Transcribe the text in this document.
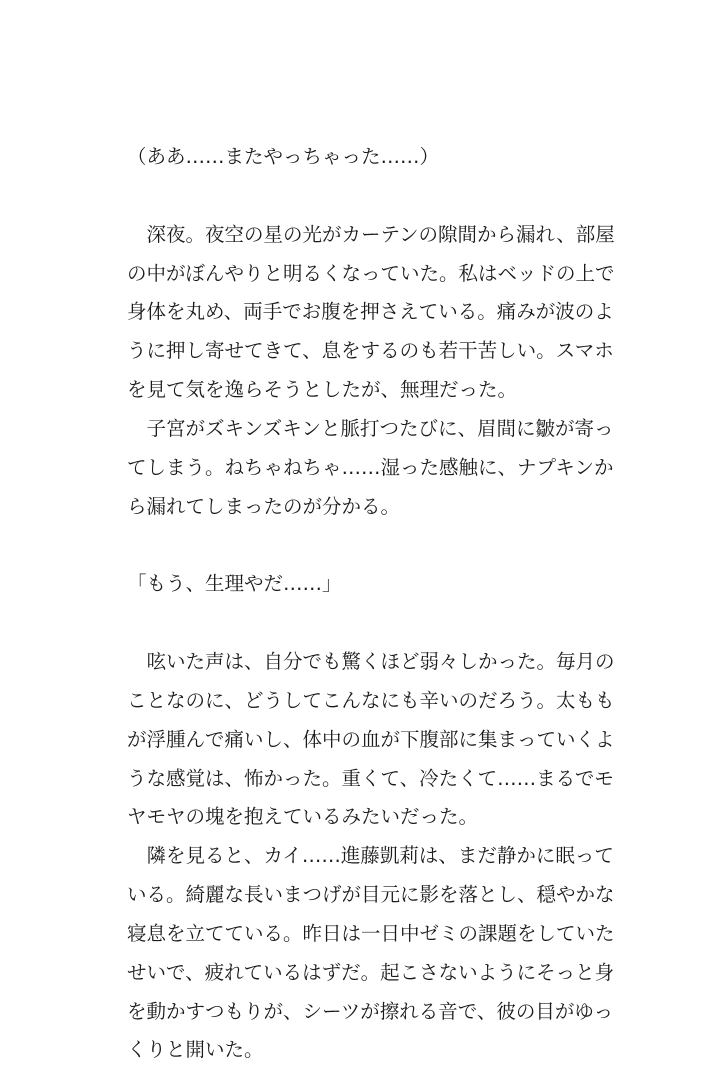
（ああ……またやっちゃった……）
　深夜。夜空の星の光がカーテンの隙間から漏れ、部屋
の中がぼんやりと明るくなっていた。私はベッドの上で
身体を丸め、両手でお腹を押さえている。痛みが波のよ
うに押し寄せてきて、息をするのも若干苦しい。スマホ
を見て気を逸らそうとしたが、無理だった。
　子宮がズキンズキンと脈打つたびに、眉間に皺が寄っ
てしまう。ねちゃねちゃ……湿った感触に、ナプキンか
ら漏れてしまったのが分かる。
「もう、生理やだ……」
　呟いた声は、自分でも驚くほど弱々しかった。毎月の
ことなのに、どうしてこんなにも辛いのだろう。太もも
が浮腫んで痛いし、体中の血が下腹部に集まっていくよ
うな感覚は、怖かった。重くて、冷たくて……まるでモ
ヤモヤの塊を抱えているみたいだった。
　隣を見ると、カイ……進藤凱莉は、まだ静かに眠って
いる。綺麗な長いまつげが目元に影を落とし、穏やかな
寝息を立てている。昨日は一日中ゼミの課題をしていた
せいで、疲れているはずだ。起こさないようにそっと身
を動かすつもりが、シーツが擦れる音で、彼の目がゆっ
くりと開いた。
